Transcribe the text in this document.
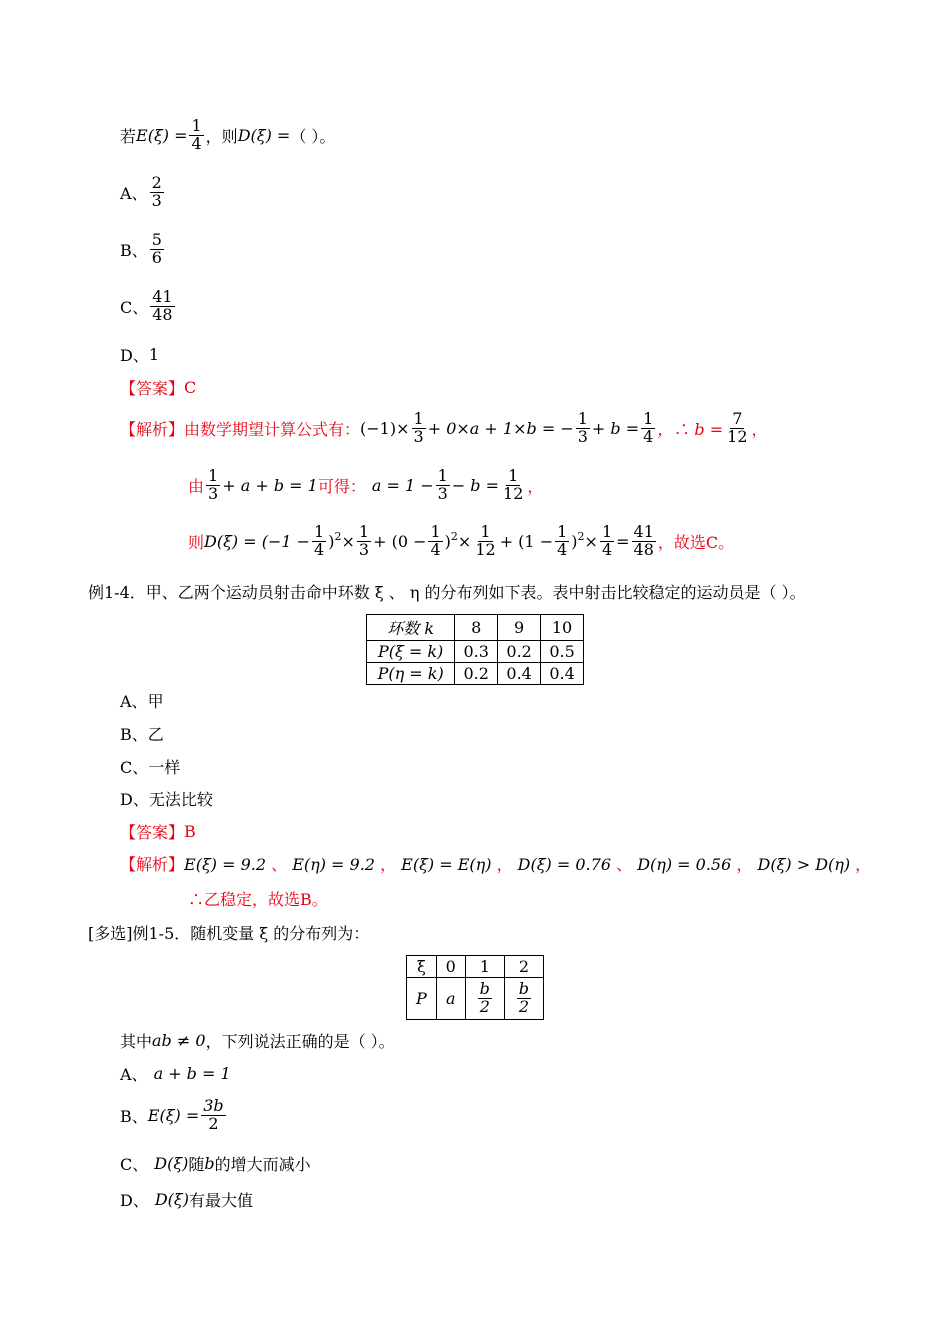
若 $E(\xi) = \frac{1}{4}$ ，则 D(ξ) = （ ）。
A、 $\frac{2}{3}$
B、 $\frac{5}{6}$
C、 $\frac{41}{48}$
D、 1
【答案】 C
【解析】 由数学期望计算公式有： $(-1)\times \frac{1}{3} + 0\times a + 1\times b$ = − $\frac{1}{3} + b = \frac{1}{4}$ ，∴ $b = \frac{7}{12}$ ，
由 $\frac{1}{3} + a + b = 1$ 可得： $a = 1 - \frac{1}{3} - b = \frac{1}{12}$ ，
则 $D(\xi) = (-1 - \frac{1}{4} )^2 \times \frac{1}{3} + (0 - \frac{1}{4} )^2 \times \frac{1}{12} + (1 - \frac{1}{4} )^2 \times \frac{1}{4} = \frac{41}{48}$ ，故选C。
例1-4．甲、乙两个运动员射击命中环数 ξ 、 η 的分布列如下表。表中射击比较稳定的运动员是（ ）。
环数 k	8	9	10
P(ξ = k)	0.3	0.2	0.5
P(η = k)	0.2	0.4	0.4
A、 甲
B、 乙
C、 一样
D、 无法比较
【答案】 B
【解析】 E(ξ) = 9.2 、 E(η) = 9.2 ， E(ξ) = E(η) ， D(ξ) = 0.76 、 D(η) = 0.56 ， D(ξ) > D(η) ，
∴乙稳定，故选B。
[多选]例1-5．随机变量 ξ 的分布列为：
ξ	0	1	2
P	a	$\frac{b}{2}$	$\frac{b}{2}$
其中 ab ≠ 0 ，下列说法正确的是（ ）。
A、 a + b = 1
B、 $E(\xi) = \frac{3b}{2}$
C、 D(ξ) 随 b 的增大而减小
D、 D(ξ) 有最大值
